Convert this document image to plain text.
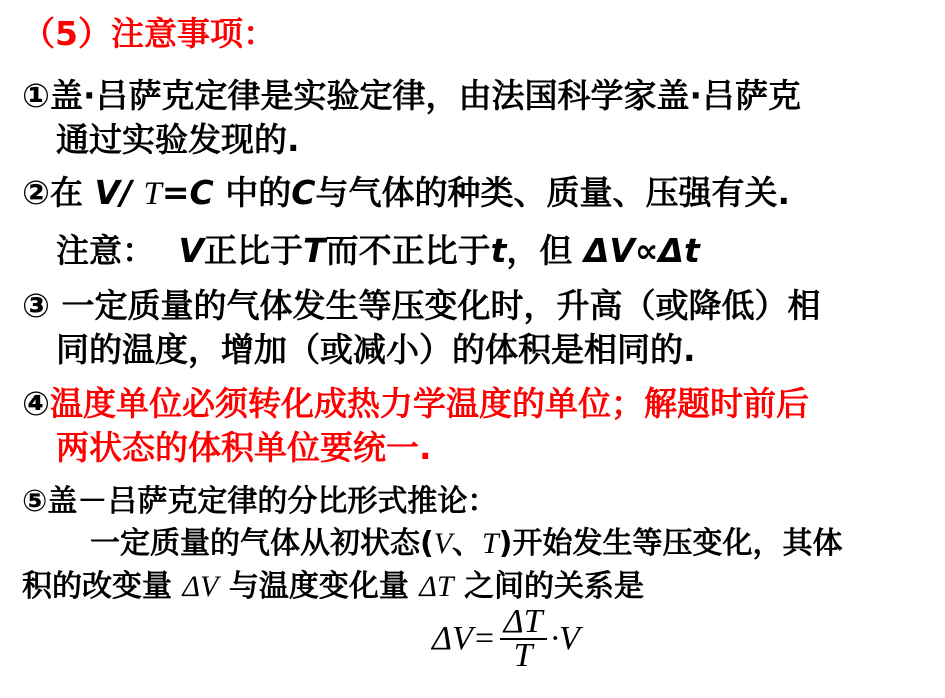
（5）注意事项：
①盖·吕萨克定律是实验定律，由法国科学家盖·吕萨克
通过实验发现的.
②在 V/ T=C 中的C与气体的种类、质量、压强有关.
注意： V正比于T而不正比于t，但 ΔV∝Δt
③ 一定质量的气体发生等压变化时，升高（或降低）相
同的温度，增加（或减小）的体积是相同的.
④温度单位必须转化成热力学温度的单位；解题时前后
两状态的体积单位要统一.
⑤盖－吕萨克定律的分比形式推论：
一定质量的气体从初状态(V、T)开始发生等压变化，其体
积的改变量 ΔV 与温度变化量 ΔT 之间的关系是
$\Delta V= \frac{\Delta T}{T} \cdot V$
